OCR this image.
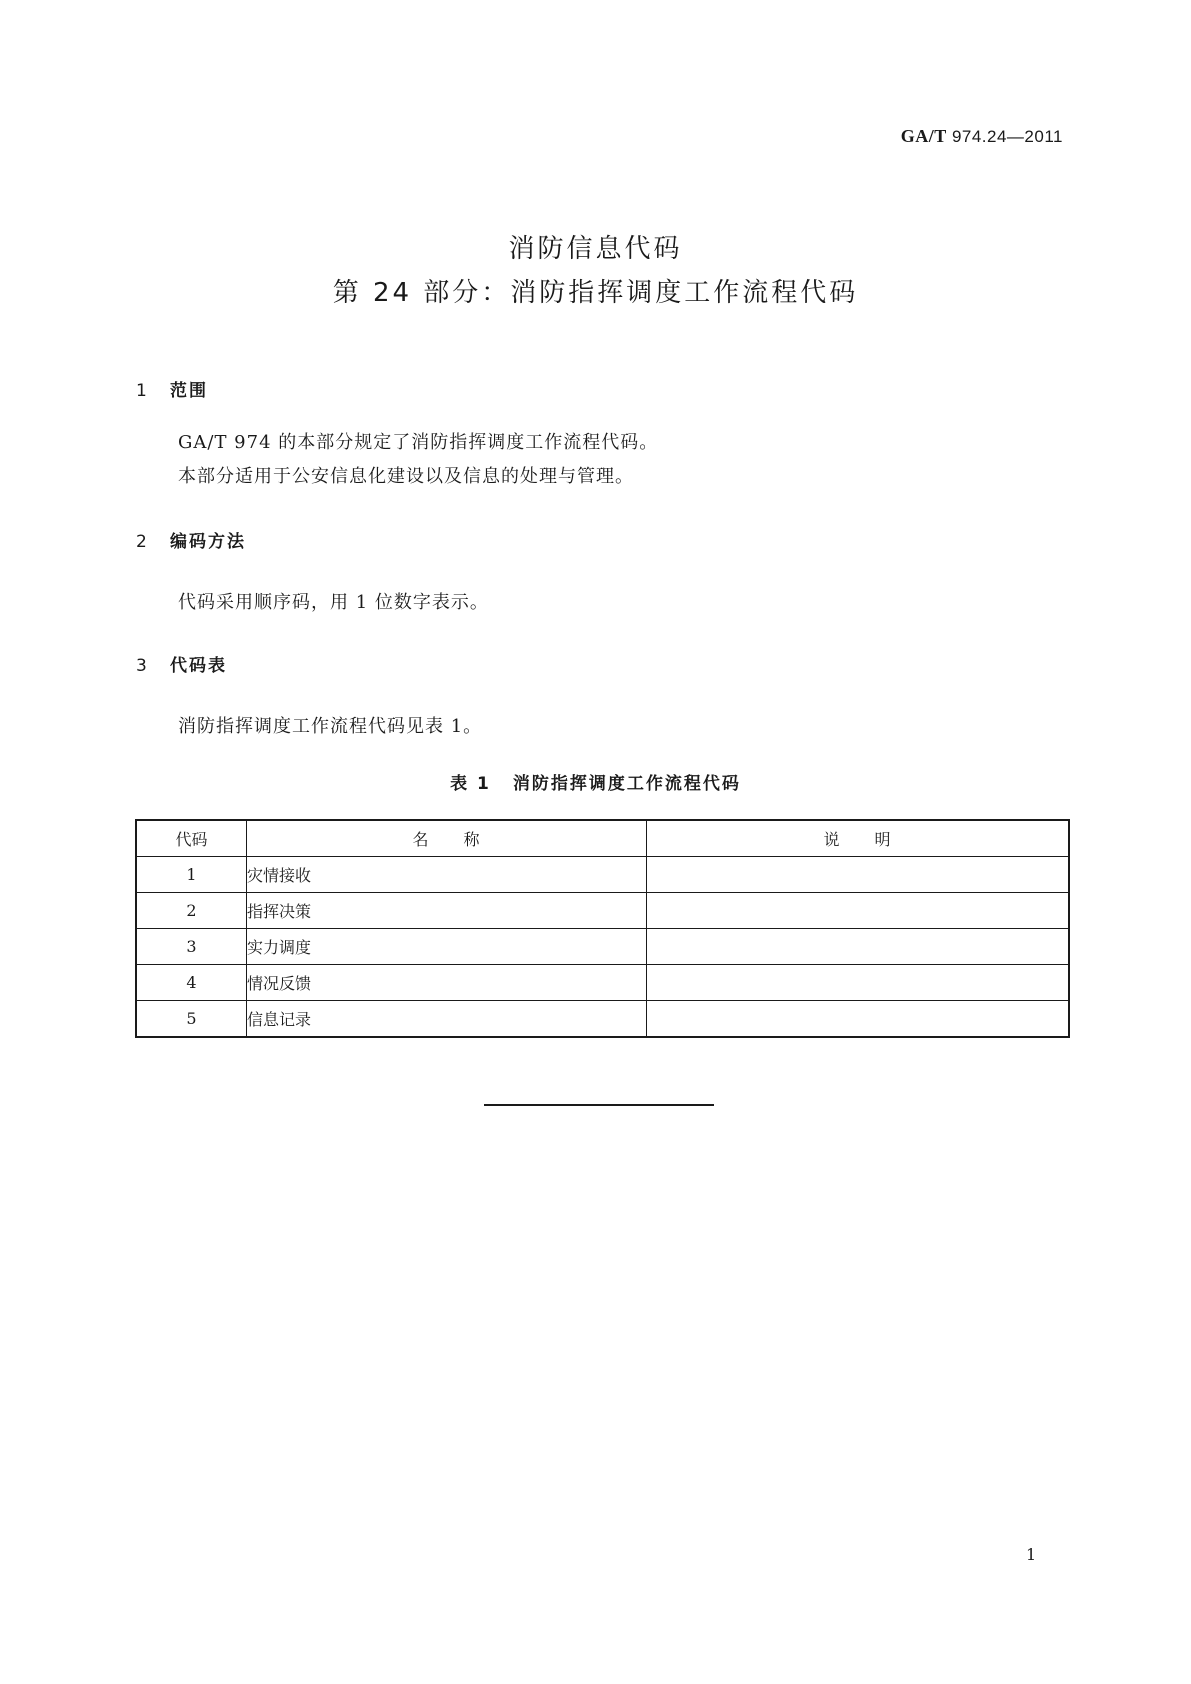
GA/T 974.24—2011
消防信息代码
第 24 部分：消防指挥调度工作流程代码
1 范围
GA/T 974 的本部分规定了消防指挥调度工作流程代码。
本部分适用于公安信息化建设以及信息的处理与管理。
2 编码方法
代码采用顺序码，用 1 位数字表示。
3 代码表
消防指挥调度工作流程代码见表 1。
表 1 消防指挥调度工作流程代码
代码	名　　称	说　　明
1	灾情接收	
2	指挥决策	
3	实力调度	
4	情况反馈	
5	信息记录	
1
